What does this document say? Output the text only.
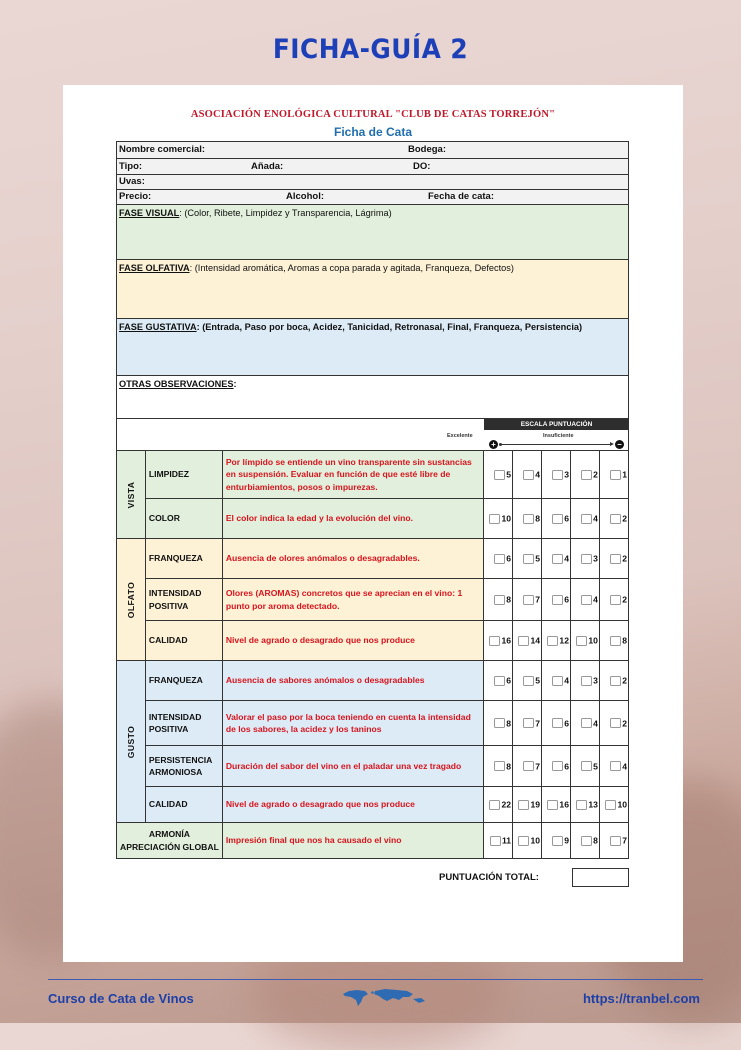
FICHA-GUÍA 2
ASOCIACIÓN ENOLÓGICA CULTURAL "CLUB DE CATAS TORREJÓN"
Ficha de Cata
Nombre comercial:	Bodega:
Tipo:	Añada:	DO:
Uvas:
Precio:	Alcohol:	Fecha de cata:
FASE VISUAL: (Color, Ribete, Limpidez y Transparencia, Lágrima)
FASE OLFATIVA: (Intensidad aromática, Aromas a copa parada y agitada, Franqueza, Defectos)
FASE GUSTATIVA: (Entrada, Paso por boca, Acidez, Tanicidad, Retronasal, Final, Franqueza, Persistencia)
OTRAS OBSERVACIONES:
ESCALA PUNTUACIÓN
Excelente	Insuficiente
+	−
VISTA	LIMPIDEZ	Por límpido se entiende un vino transparente sin sustancias en suspensión. Evaluar en función de que esté libre de enturbiamientos, posos o impurezas.	5	4	3	2	1
	COLOR	El color indica la edad y la evolución del vino.	10	8	6	4	2

OLFATO	FRANQUEZA	Ausencia de olores anómalos o desagradables.	6	5	4	3	2
	INTENSIDAD POSITIVA	Olores (AROMAS) concretos que se aprecian en el vino: 1 punto por aroma detectado.	8	7	6	4	2
	CALIDAD	Nivel de agrado o desagrado que nos produce	16	14	12	10	8

GUSTO	FRANQUEZA	Ausencia de sabores anómalos o desagradables	6	5	4	3	2
	INTENSIDAD POSITIVA	Valorar el paso por la boca teniendo en cuenta la intensidad de los sabores, la acidez y los taninos	8	7	6	4	2
	PERSISTENCIA ARMONIOSA	Duración del sabor del vino en el paladar una vez tragado	8	7	6	5	4
	CALIDAD	Nivel de agrado o desagrado que nos produce	22	19	16	13	10

ARMONÍA
APRECIACIÓN GLOBAL		Impresión final que nos ha causado el vino	11	10	9	8	7
PUNTUACIÓN TOTAL:
Curso de Cata de Vinos	https://tranbel.com
